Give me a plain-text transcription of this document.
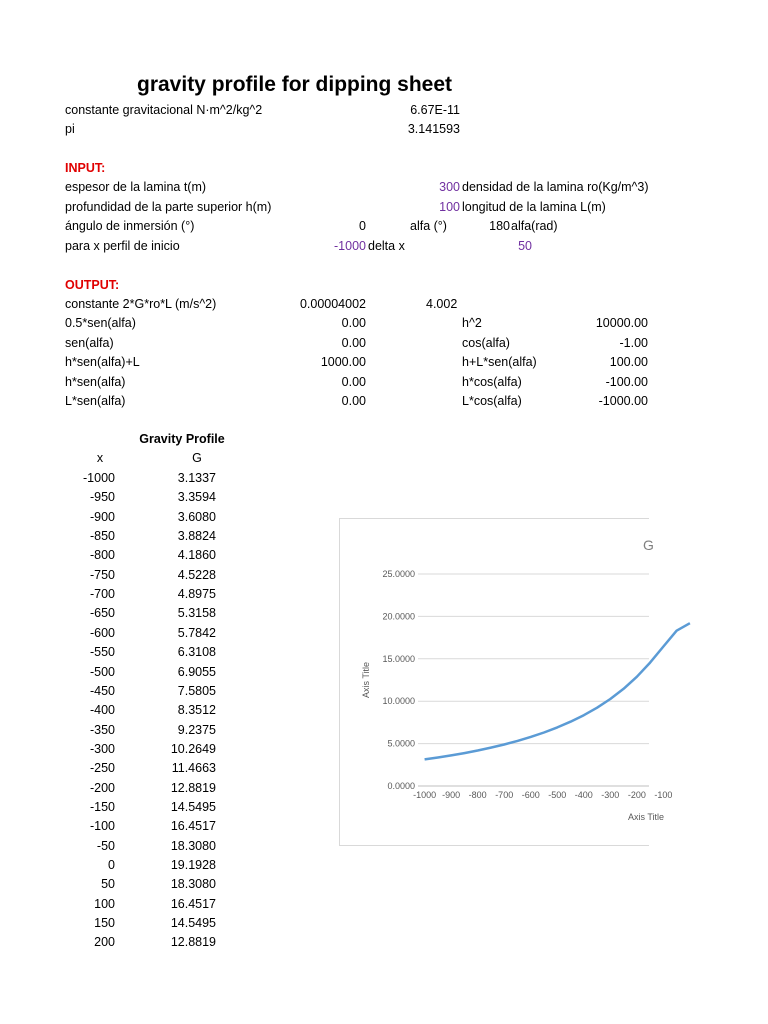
gravity profile for dipping sheet
constante gravitacional N·m^2/kg^2	6.67E-11
pi	3.141593
INPUT:
espesor de la lamina t(m)	300 densidad de la lamina ro(Kg/m^3)
profundidad de la parte superior h(m)	100 longitud de la lamina L(m)
ángulo de inmersión (°)	0	alfa (°)	180 alfa(rad)
para x perfil de inicio	-1000 delta x	50
OUTPUT:
constante 2*G*ro*L (m/s^2)	0.00004002	4.002
0.5*sen(alfa)	0.00	h^2	10000.00
sen(alfa)	0.00	cos(alfa)	-1.00
h*sen(alfa)+L	1000.00	h+L*sen(alfa)	100.00
h*sen(alfa)	0.00	h*cos(alfa)	-100.00
L*sen(alfa)	0.00	L*cos(alfa)	-1000.00
Gravity Profile
x	G
-1000	3.1337
-950	3.3594
-900	3.6080
-850	3.8824
-800	4.1860
-750	4.5228
-700	4.8975
-650	5.3158
-600	5.7842
-550	6.3108
-500	6.9055
-450	7.5805
-400	8.3512
-350	9.2375
-300	10.2649
-250	11.4663
-200	12.8819
-150	14.5495
-100	16.4517
-50	18.3080
0	19.1928
50	18.3080
100	16.4517
150	14.5495
200	12.8819
0.0000
5.0000
10.0000
15.0000
20.0000
25.0000
-1000 -900 -800 -700 -600 -500 -400 -300 -200 -100
G
Axis Title
Axis Title
